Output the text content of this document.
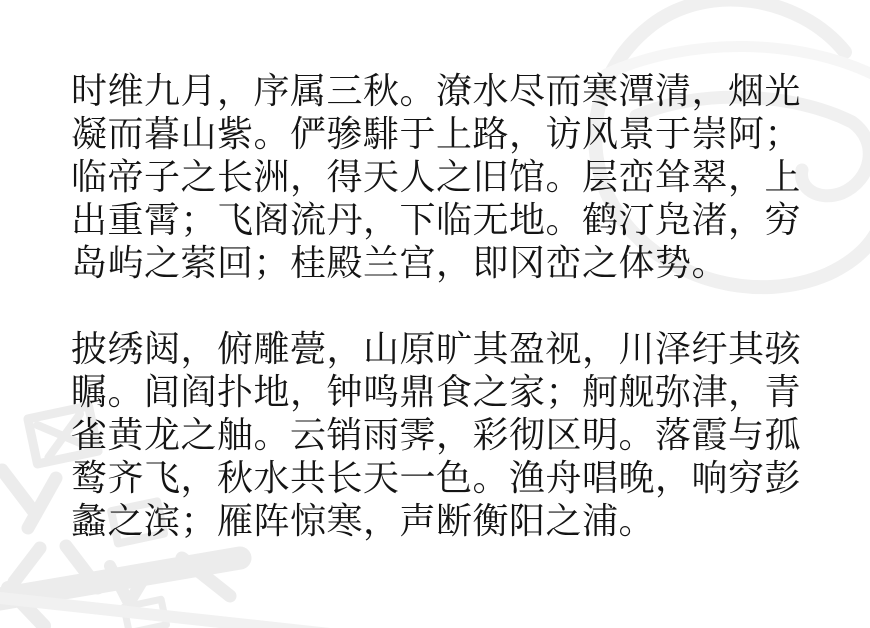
时维九月，序属三秋。潦水尽而寒潭清，烟光
凝而暮山紫。俨骖騑于上路，访风景于崇阿；
临帝子之长洲，得天人之旧馆。层峦耸翠，上
出重霄；飞阁流丹，下临无地。鹤汀凫渚，穷
岛屿之萦回；桂殿兰宫，即冈峦之体势。
披绣闼，俯雕甍，山原旷其盈视，川泽纡其骇
瞩。闾阎扑地，钟鸣鼎食之家；舸舰弥津，青
雀黄龙之舳。云销雨霁，彩彻区明。落霞与孤
鹜齐飞，秋水共长天一色。渔舟唱晚，响穷彭
蠡之滨；雁阵惊寒，声断衡阳之浦。
